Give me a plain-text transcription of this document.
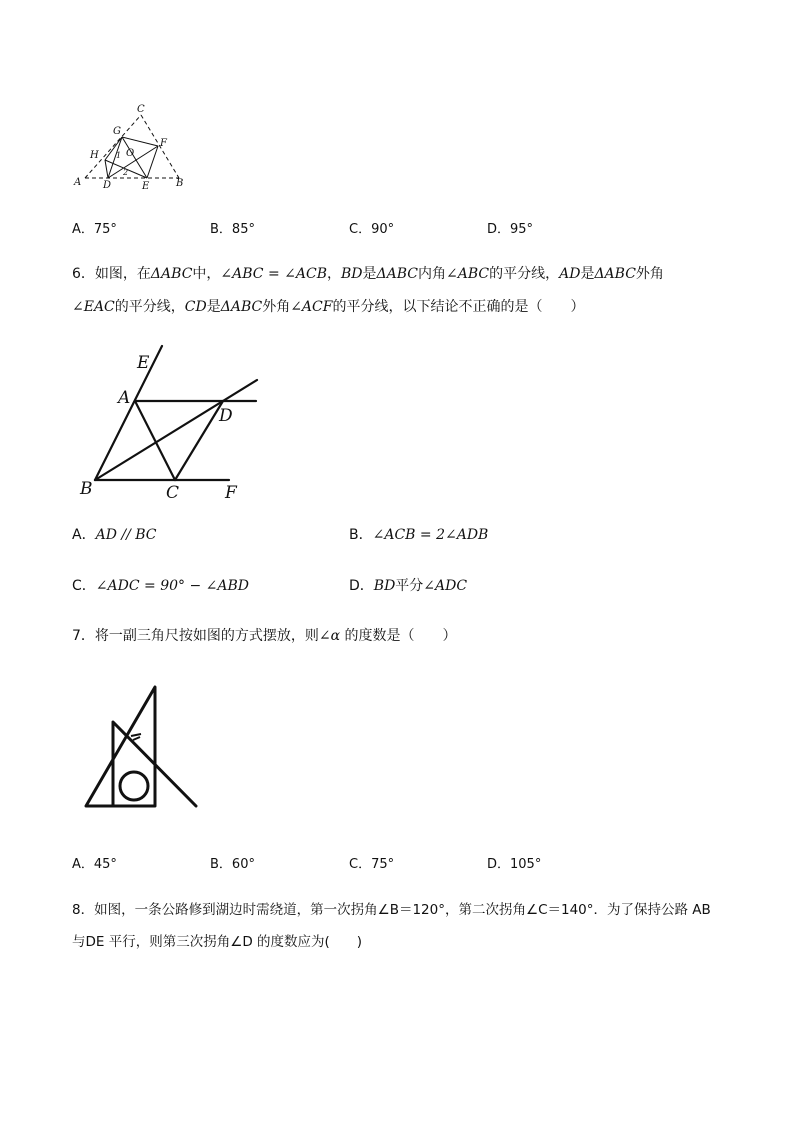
C
G
F
H	O
1
2
A D	E	B
A．75°	B．85°	C．90°	D．95°
6．如图，在ΔABC中，∠ABC = ∠ACB，BD是ΔABC内角∠ABC的平分线，AD是ΔABC外角
∠EAC的平分线，CD是ΔABC外角∠ACF的平分线，以下结论不正确的是（　　）
E
A
D
B	C	F
A．AD // BC	B．∠ACB = 2∠ADB
C．∠ADC = 90° − ∠ABD	D．BD平分∠ADC
7．将一副三角尺按如图的方式摆放，则∠α 的度数是（　　）
A．45°	B．60°	C．75°	D．105°
8．如图，一条公路修到湖边时需绕道，第一次拐角∠B＝120°，第二次拐角∠C＝140°．为了保持公路 AB
与DE 平行，则第三次拐角∠D 的度数应为(　　)
